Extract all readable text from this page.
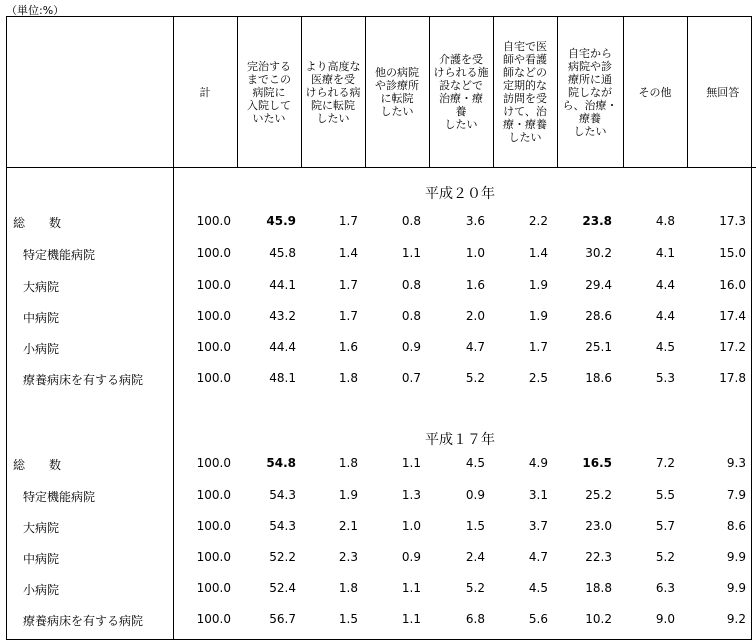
（単位:%）
	計	完治する
までこの
病院に
入院して
いたい	より高度な
医療を受
けられる病
院に転院
したい	他の病院
や診療所
に転院
したい	介護を受
けられる施
設などで
治療・療
養
したい	自宅で医
師や看護
師などの
定期的な
訪問を受
けて、治
療・療養
したい	自宅から
病院や診
療所に通
院しなが
ら、治療・
療養
したい	その他	無回答
平成２０年
総　　数	100.0	45.9	1.7	0.8	3.6	2.2	23.8	4.8	17.3
特定機能病院	100.0	45.8	1.4	1.1	1.0	1.4	30.2	4.1	15.0
大病院	100.0	44.1	1.7	0.8	1.6	1.9	29.4	4.4	16.0
中病院	100.0	43.2	1.7	0.8	2.0	1.9	28.6	4.4	17.4
小病院	100.0	44.4	1.6	0.9	4.7	1.7	25.1	4.5	17.2
療養病床を有する病院	100.0	48.1	1.8	0.7	5.2	2.5	18.6	5.3	17.8
平成１７年
総　　数	100.0	54.8	1.8	1.1	4.5	4.9	16.5	7.2	9.3
特定機能病院	100.0	54.3	1.9	1.3	0.9	3.1	25.2	5.5	7.9
大病院	100.0	54.3	2.1	1.0	1.5	3.7	23.0	5.7	8.6
中病院	100.0	52.2	2.3	0.9	2.4	4.7	22.3	5.2	9.9
小病院	100.0	52.4	1.8	1.1	5.2	4.5	18.8	6.3	9.9
療養病床を有する病院	100.0	56.7	1.5	1.1	6.8	5.6	10.2	9.0	9.2
